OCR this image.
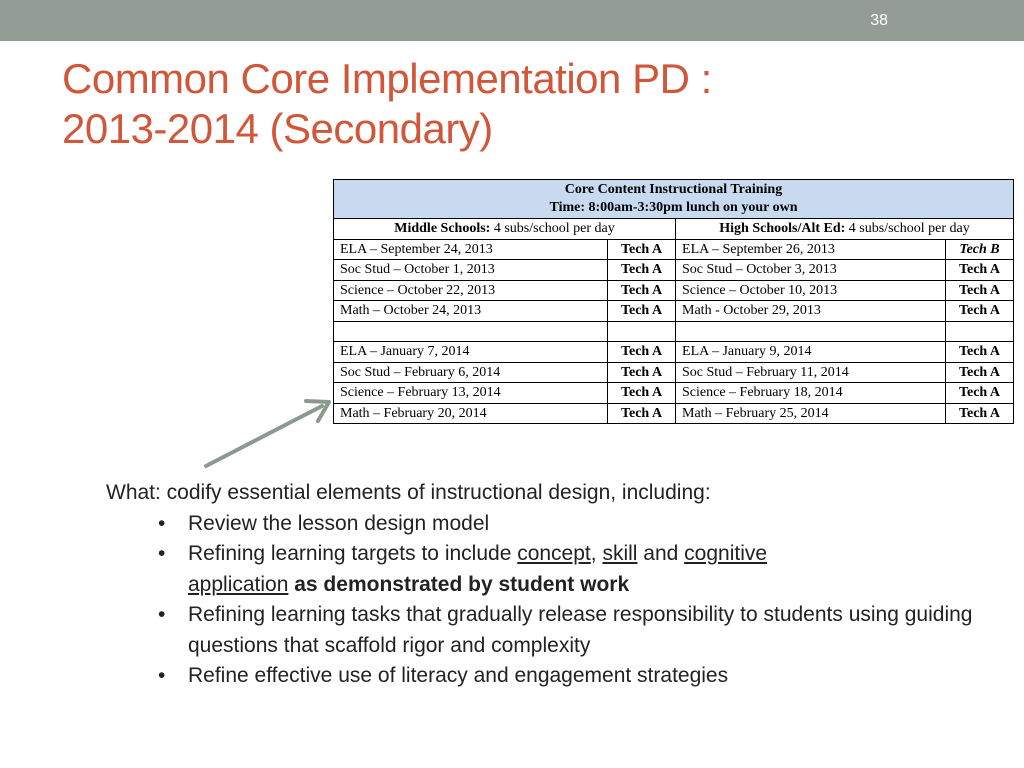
38
Common Core Implementation PD :
2013-2014 (Secondary)
Core Content Instructional Training
Time: 8:00am-3:30pm lunch on your own			

Middle Schools: 4 subs/school per day		High Schools/Alt Ed: 4 subs/school per day	
ELA – September 24, 2013	Tech A	ELA – September 26, 2013	Tech B
Soc Stud – October 1, 2013	Tech A	Soc Stud – October 3, 2013	Tech A
Science – October 22, 2013	Tech A	Science – October 10, 2013	Tech A
Math – October 24, 2013	Tech A	Math - October 29, 2013	Tech A

ELA – January 7, 2014	Tech A	ELA – January 9, 2014	Tech A
Soc Stud – February 6, 2014	Tech A	Soc Stud – February 11, 2014	Tech A
Science – February 13, 2014	Tech A	Science – February 18, 2014	Tech A
Math – February 20, 2014	Tech A	Math – February 25, 2014	Tech A
What: codify essential elements of instructional design, including:
• Review the lesson design model
• Refining learning targets to include concept, skill and cognitive
application as demonstrated by student work
• Refining learning tasks that gradually release responsibility to students using guiding questions that scaffold rigor and complexity
• Refine effective use of literacy and engagement strategies
